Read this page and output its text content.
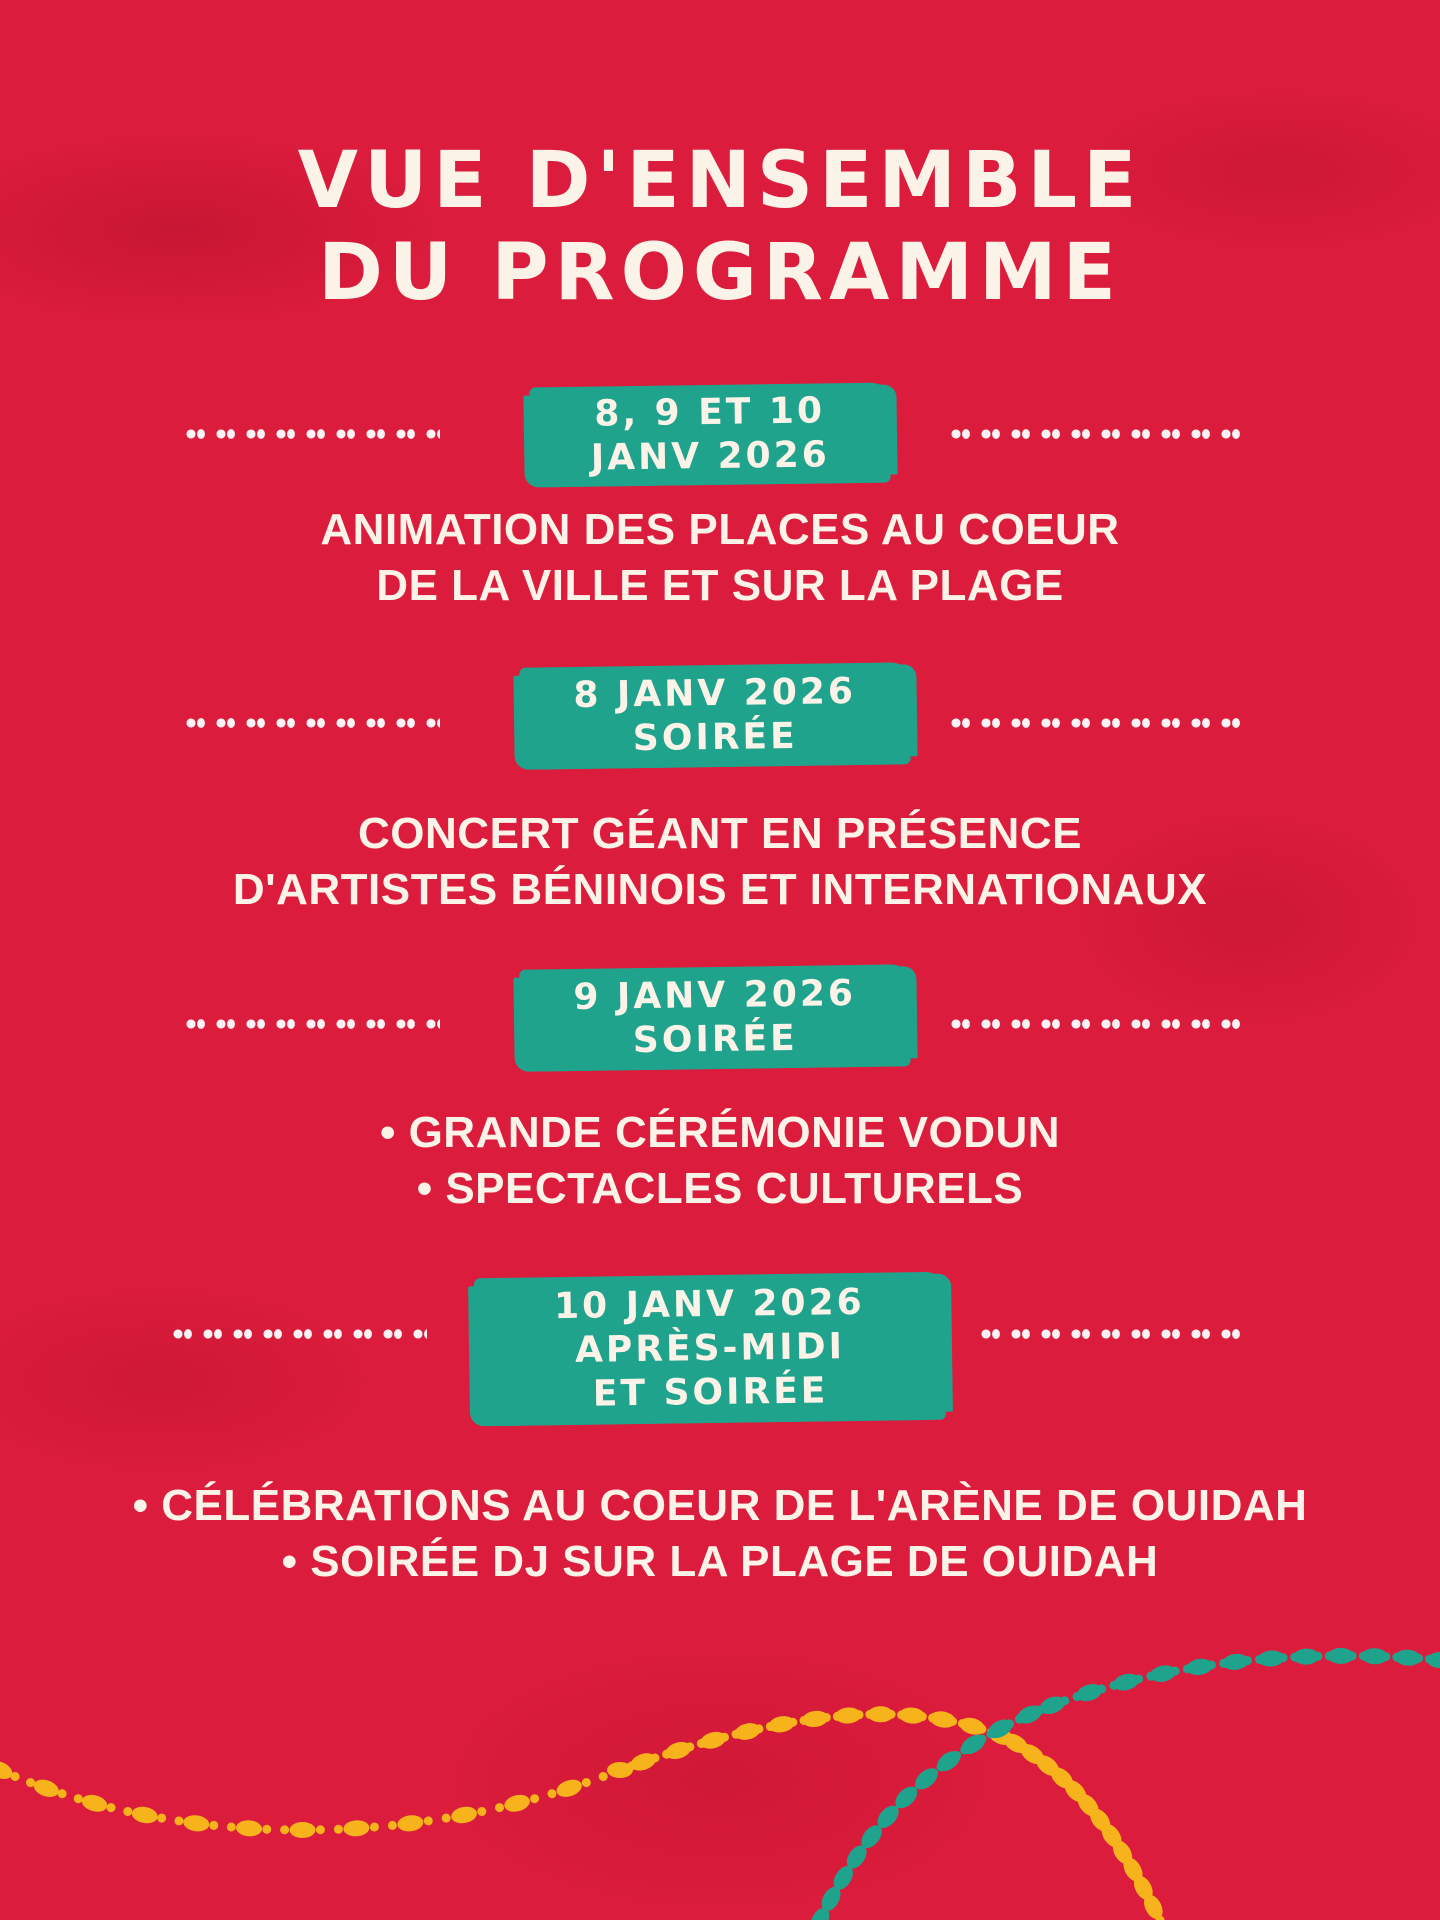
VUE D'ENSEMBLE
DU PROGRAMME
8, 9 ET 10
JANV 2026

ANIMATION DES PLACES AU COEUR
DE LA VILLE ET SUR LA PLAGE

8 JANV 2026
SOIRÉE

CONCERT GÉANT EN PRÉSENCE
D'ARTISTES BÉNINOIS ET INTERNATIONAUX

9 JANV 2026
SOIRÉE

• GRANDE CÉRÉMONIE VODUN
• SPECTACLES CULTURELS

10 JANV 2026
APRÈS-MIDI
ET SOIRÉE

• CÉLÉBRATIONS AU COEUR DE L'ARÈNE DE OUIDAH
• SOIRÉE DJ SUR LA PLAGE DE OUIDAH
